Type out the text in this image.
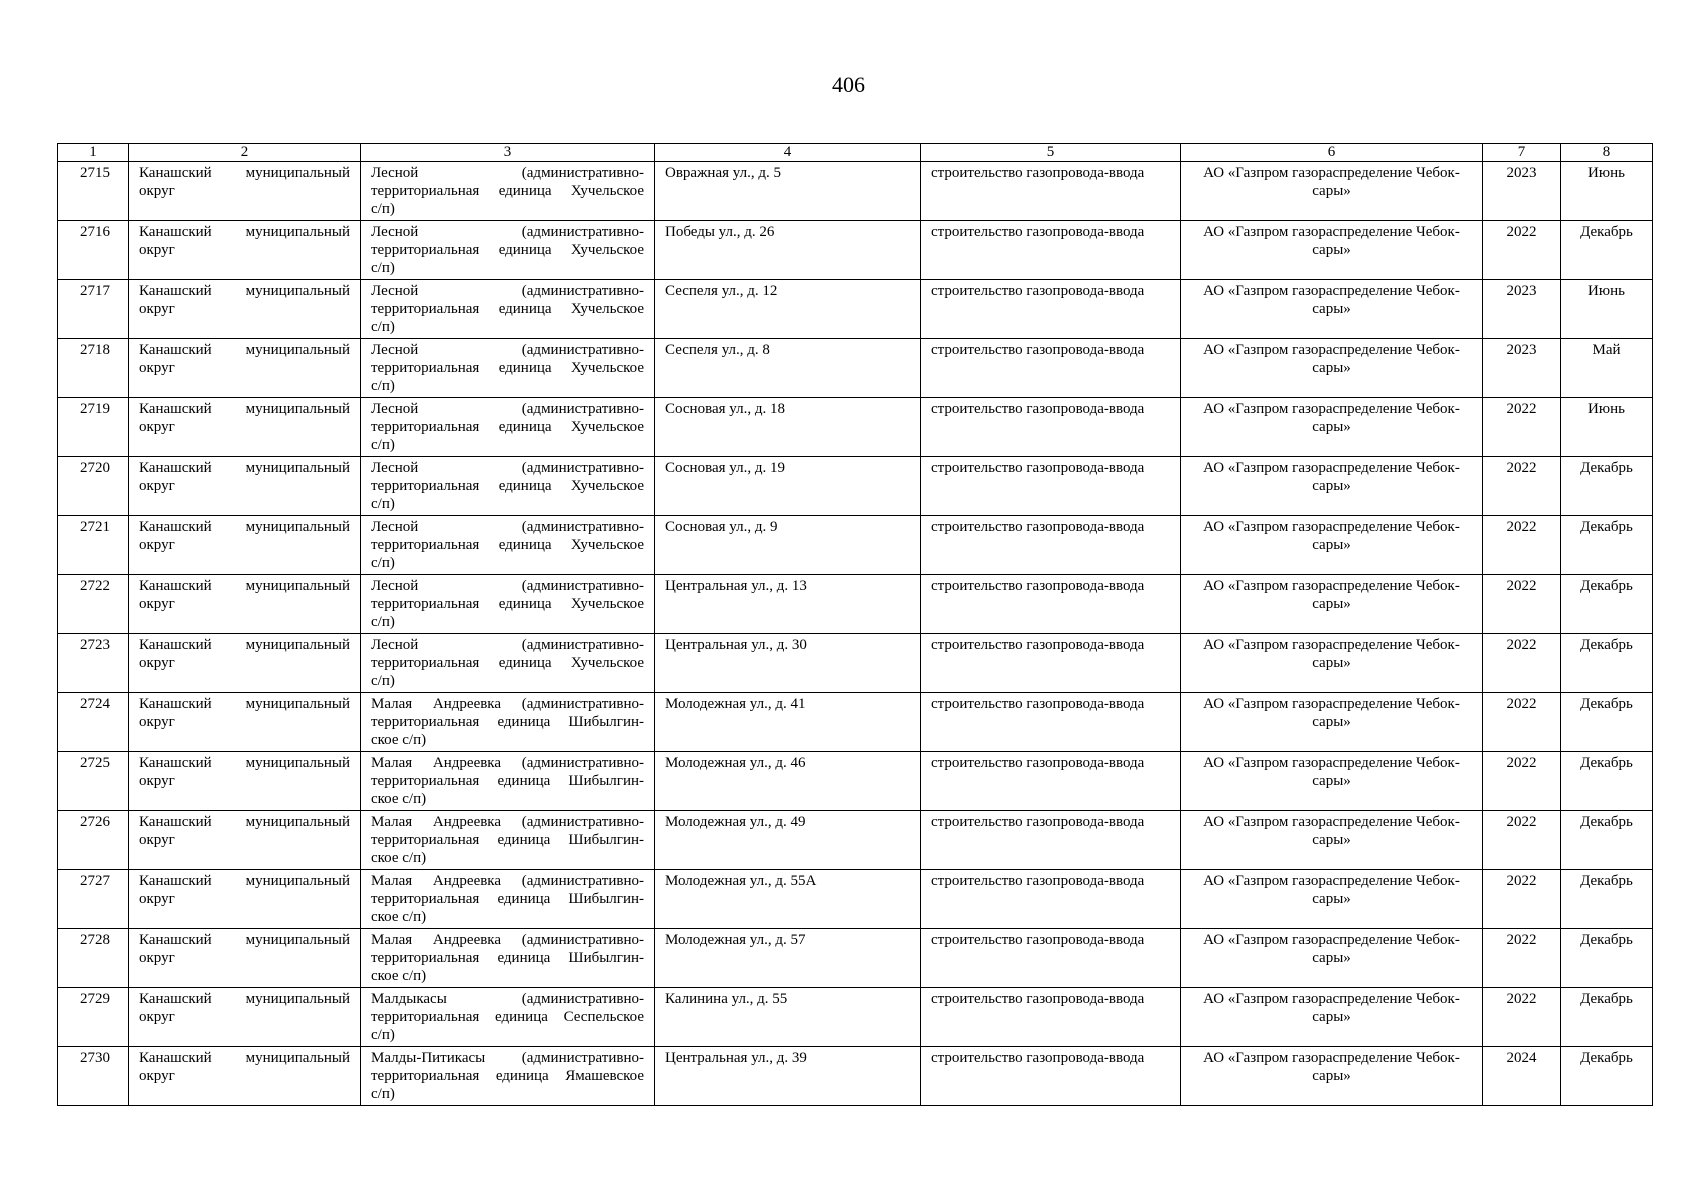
406
1	2	3	4	5	6	7	8
2715	Канашский муниципальный округ	Лесной (административно-
территориальная единица Хучельское
с/п)	Овражная ул., д. 5	строительство газопровода-ввода	АО «Газпром газораспределение Чебок-сары»	2023	Июнь
2716	Канашский муниципальный округ	Лесной (административно-
территориальная единица Хучельское
с/п)	Победы ул., д. 26	строительство газопровода-ввода	АО «Газпром газораспределение Чебок-сары»	2022	Декабрь
2717	Канашский муниципальный округ	Лесной (административно-
территориальная единица Хучельское
с/п)	Сеспеля ул., д. 12	строительство газопровода-ввода	АО «Газпром газораспределение Чебок-сары»	2023	Июнь
2718	Канашский муниципальный округ	Лесной (административно-
территориальная единица Хучельское
с/п)	Сеспеля ул., д. 8	строительство газопровода-ввода	АО «Газпром газораспределение Чебок-сары»	2023	Май
2719	Канашский муниципальный округ	Лесной (административно-
территориальная единица Хучельское
с/п)	Сосновая ул., д. 18	строительство газопровода-ввода	АО «Газпром газораспределение Чебок-сары»	2022	Июнь
2720	Канашский муниципальный округ	Лесной (административно-
территориальная единица Хучельское
с/п)	Сосновая ул., д. 19	строительство газопровода-ввода	АО «Газпром газораспределение Чебок-сары»	2022	Декабрь
2721	Канашский муниципальный округ	Лесной (административно-
территориальная единица Хучельское
с/п)	Сосновая ул., д. 9	строительство газопровода-ввода	АО «Газпром газораспределение Чебок-сары»	2022	Декабрь
2722	Канашский муниципальный округ	Лесной (административно-
территориальная единица Хучельское
с/п)	Центральная ул., д. 13	строительство газопровода-ввода	АО «Газпром газораспределение Чебок-сары»	2022	Декабрь
2723	Канашский муниципальный округ	Лесной (административно-
территориальная единица Хучельское
с/п)	Центральная ул., д. 30	строительство газопровода-ввода	АО «Газпром газораспределение Чебок-сары»	2022	Декабрь
2724	Канашский муниципальный округ	Малая Андреевка (административно-
территориальная единица Шибылгин-
ское с/п)	Молодежная ул., д. 41	строительство газопровода-ввода	АО «Газпром газораспределение Чебок-сары»	2022	Декабрь
2725	Канашский муниципальный округ	Малая Андреевка (административно-
территориальная единица Шибылгин-
ское с/п)	Молодежная ул., д. 46	строительство газопровода-ввода	АО «Газпром газораспределение Чебок-сары»	2022	Декабрь
2726	Канашский муниципальный округ	Малая Андреевка (административно-
территориальная единица Шибылгин-
ское с/п)	Молодежная ул., д. 49	строительство газопровода-ввода	АО «Газпром газораспределение Чебок-сары»	2022	Декабрь
2727	Канашский муниципальный округ	Малая Андреевка (административно-
территориальная единица Шибылгин-
ское с/п)	Молодежная ул., д. 55А	строительство газопровода-ввода	АО «Газпром газораспределение Чебок-сары»	2022	Декабрь
2728	Канашский муниципальный округ	Малая Андреевка (административно-
территориальная единица Шибылгин-
ское с/п)	Молодежная ул., д. 57	строительство газопровода-ввода	АО «Газпром газораспределение Чебок-сары»	2022	Декабрь
2729	Канашский муниципальный округ	Малдыкасы (административно-
территориальная единица Сеспельское
с/п)	Калинина ул., д. 55	строительство газопровода-ввода	АО «Газпром газораспределение Чебок-сары»	2022	Декабрь
2730	Канашский муниципальный округ	Малды-Питикасы (административно-
территориальная единица Ямашевское
с/п)	Центральная ул., д. 39	строительство газопровода-ввода	АО «Газпром газораспределение Чебок-сары»	2024	Декабрь
